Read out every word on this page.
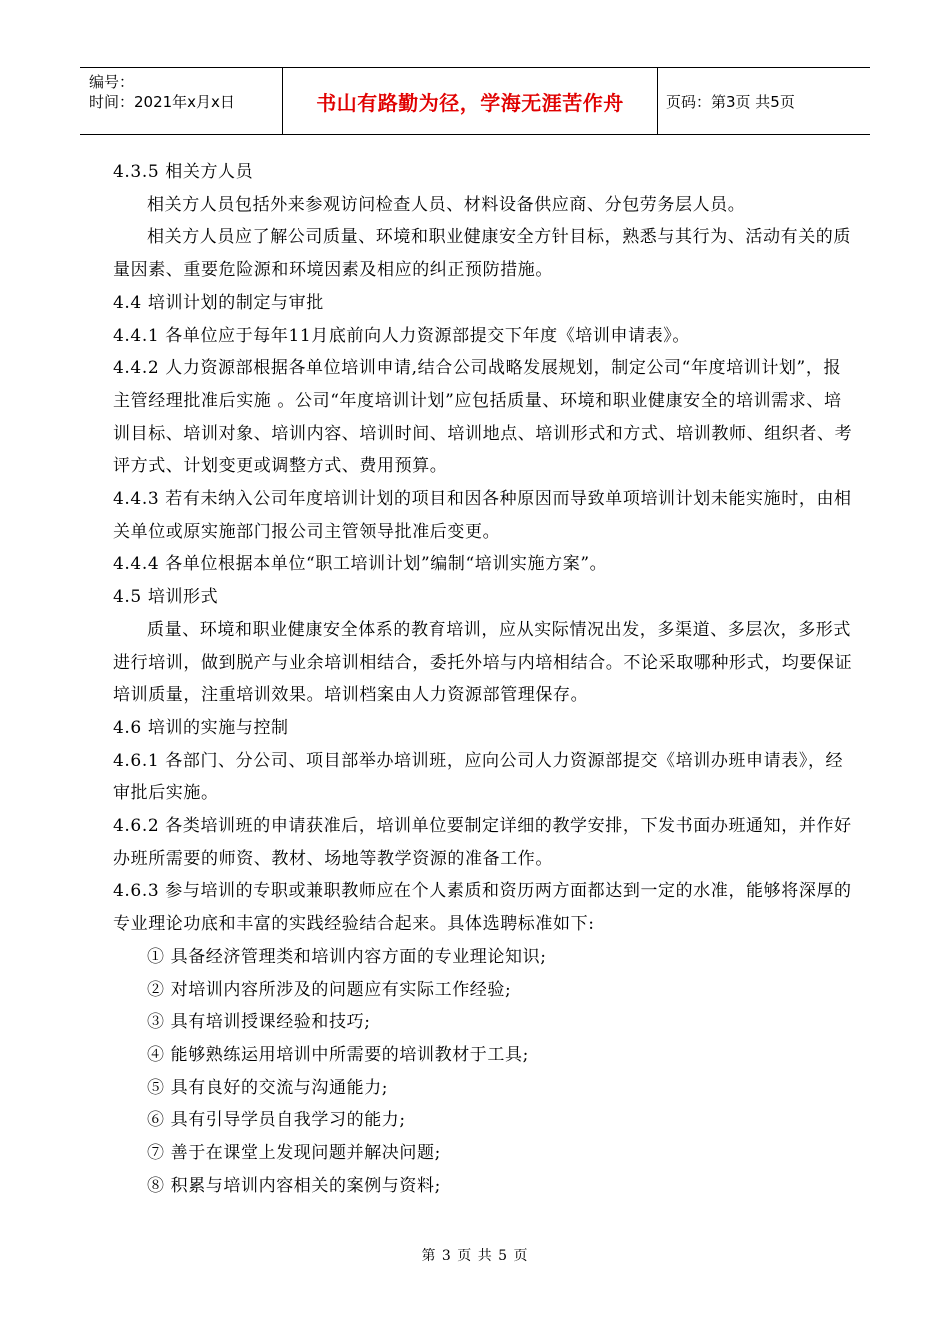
编号：
时间：2021年x月x日	书山有路勤为径，学海无涯苦作舟	页码：第3页 共5页

4.3.5 相关方人员

相关方人员包括外来参观访问检查人员、材料设备供应商、分包劳务层人员。

相关方人员应了解公司质量、环境和职业健康安全方针目标，熟悉与其行为、活动有关的质量因素、重要危险源和环境因素及相应的纠正预防措施。

4.4 培训计划的制定与审批

4.4.1 各单位应于每年11月底前向人力资源部提交下年度《培训申请表》。

4.4.2 人力资源部根据各单位培训申请,结合公司战略发展规划，制定公司“年度培训计划”，报主管经理批准后实施 。公司“年度培训计划”应包括质量、环境和职业健康安全的培训需求、培训目标、培训对象、培训内容、培训时间、培训地点、培训形式和方式、培训教师、组织者、考评方式、计划变更或调整方式、费用预算。

4.4.3 若有未纳入公司年度培训计划的项目和因各种原因而导致单项培训计划未能实施时，由相关单位或原实施部门报公司主管领导批准后变更。

4.4.4 各单位根据本单位“职工培训计划”编制“培训实施方案”。

4.5 培训形式

质量、环境和职业健康安全体系的教育培训，应从实际情况出发，多渠道、多层次，多形式 进行培训，做到脱产与业余培训相结合，委托外培与内培相结合。不论采取哪种形式，均要保证培训质量，注重培训效果。培训档案由人力资源部管理保存。

4.6 培训的实施与控制

4.6.1 各部门、分公司、项目部举办培训班，应向公司人力资源部提交《培训办班申请表》，经审批后实施。

4.6.2 各类培训班的申请获准后，培训单位要制定详细的教学安排，下发书面办班通知，并作好办班所需要的师资、教材、场地等教学资源的准备工作。

4.6.3 参与培训的专职或兼职教师应在个人素质和资历两方面都达到一定的水准，能够将深厚的专业理论功底和丰富的实践经验结合起来。具体选聘标准如下:

① 具备经济管理类和培训内容方面的专业理论知识;

② 对培训内容所涉及的问题应有实际工作经验;

③ 具有培训授课经验和技巧;

④ 能够熟练运用培训中所需要的培训教材于工具;

⑤ 具有良好的交流与沟通能力;

⑥ 具有引导学员自我学习的能力;

⑦ 善于在课堂上发现问题并解决问题;

⑧ 积累与培训内容相关的案例与资料;

第 3 页 共 5 页
